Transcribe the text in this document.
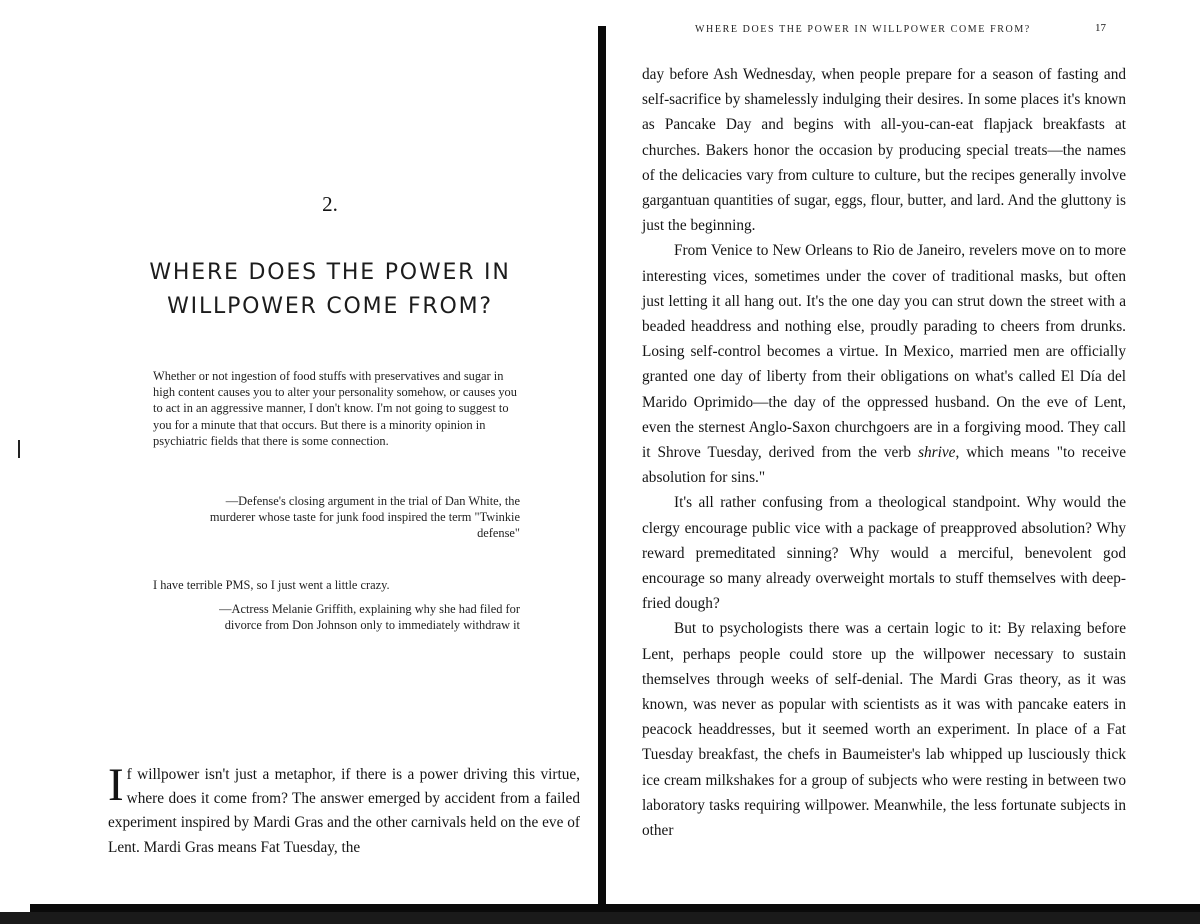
WHERE DOES THE POWER IN WILLPOWER COME FROM?	17
2.
WHERE DOES THE POWER IN WILLPOWER COME FROM?
Whether or not ingestion of food stuffs with preservatives and sugar in high content causes you to alter your personality somehow, or causes you to act in an aggressive manner, I don't know. I'm not going to suggest to you for a minute that that occurs. But there is a minority opinion in psychiatric fields that there is some connection.
—Defense's closing argument in the trial of Dan White, the murderer whose taste for junk food inspired the term "Twinkie defense"
I have terrible PMS, so I just went a little crazy.
—Actress Melanie Griffith, explaining why she had filed for divorce from Don Johnson only to immediately withdraw it
If willpower isn't just a metaphor, if there is a power driving this virtue, where does it come from? The answer emerged by accident from a failed experiment inspired by Mardi Gras and the other carnivals held on the eve of Lent. Mardi Gras means Fat Tuesday, the

day before Ash Wednesday, when people prepare for a season of fasting and self-sacrifice by shamelessly indulging their desires. In some places it's known as Pancake Day and begins with all-you-can-eat flapjack breakfasts at churches. Bakers honor the occasion by producing special treats—the names of the delicacies vary from culture to culture, but the recipes generally involve gargantuan quantities of sugar, eggs, flour, butter, and lard. And the gluttony is just the beginning.

From Venice to New Orleans to Rio de Janeiro, revelers move on to more interesting vices, sometimes under the cover of traditional masks, but often just letting it all hang out. It's the one day you can strut down the street with a beaded headdress and nothing else, proudly parading to cheers from drunks. Losing self-control becomes a virtue. In Mexico, married men are officially granted one day of liberty from their obligations on what's called El Día del Marido Oprimido—the day of the oppressed husband. On the eve of Lent, even the sternest Anglo-Saxon churchgoers are in a forgiving mood. They call it Shrove Tuesday, derived from the verb shrive, which means "to receive absolution for sins."

It's all rather confusing from a theological standpoint. Why would the clergy encourage public vice with a package of preapproved absolution? Why reward premeditated sinning? Why would a merciful, benevolent god encourage so many already overweight mortals to stuff themselves with deep-fried dough?

But to psychologists there was a certain logic to it: By relaxing before Lent, perhaps people could store up the willpower necessary to sustain themselves through weeks of self-denial. The Mardi Gras theory, as it was known, was never as popular with scientists as it was with pancake eaters in peacock headdresses, but it seemed worth an experiment. In place of a Fat Tuesday breakfast, the chefs in Baumeister's lab whipped up lusciously thick ice cream milkshakes for a group of subjects who were resting in between two laboratory tasks requiring willpower. Meanwhile, the less fortunate subjects in other
